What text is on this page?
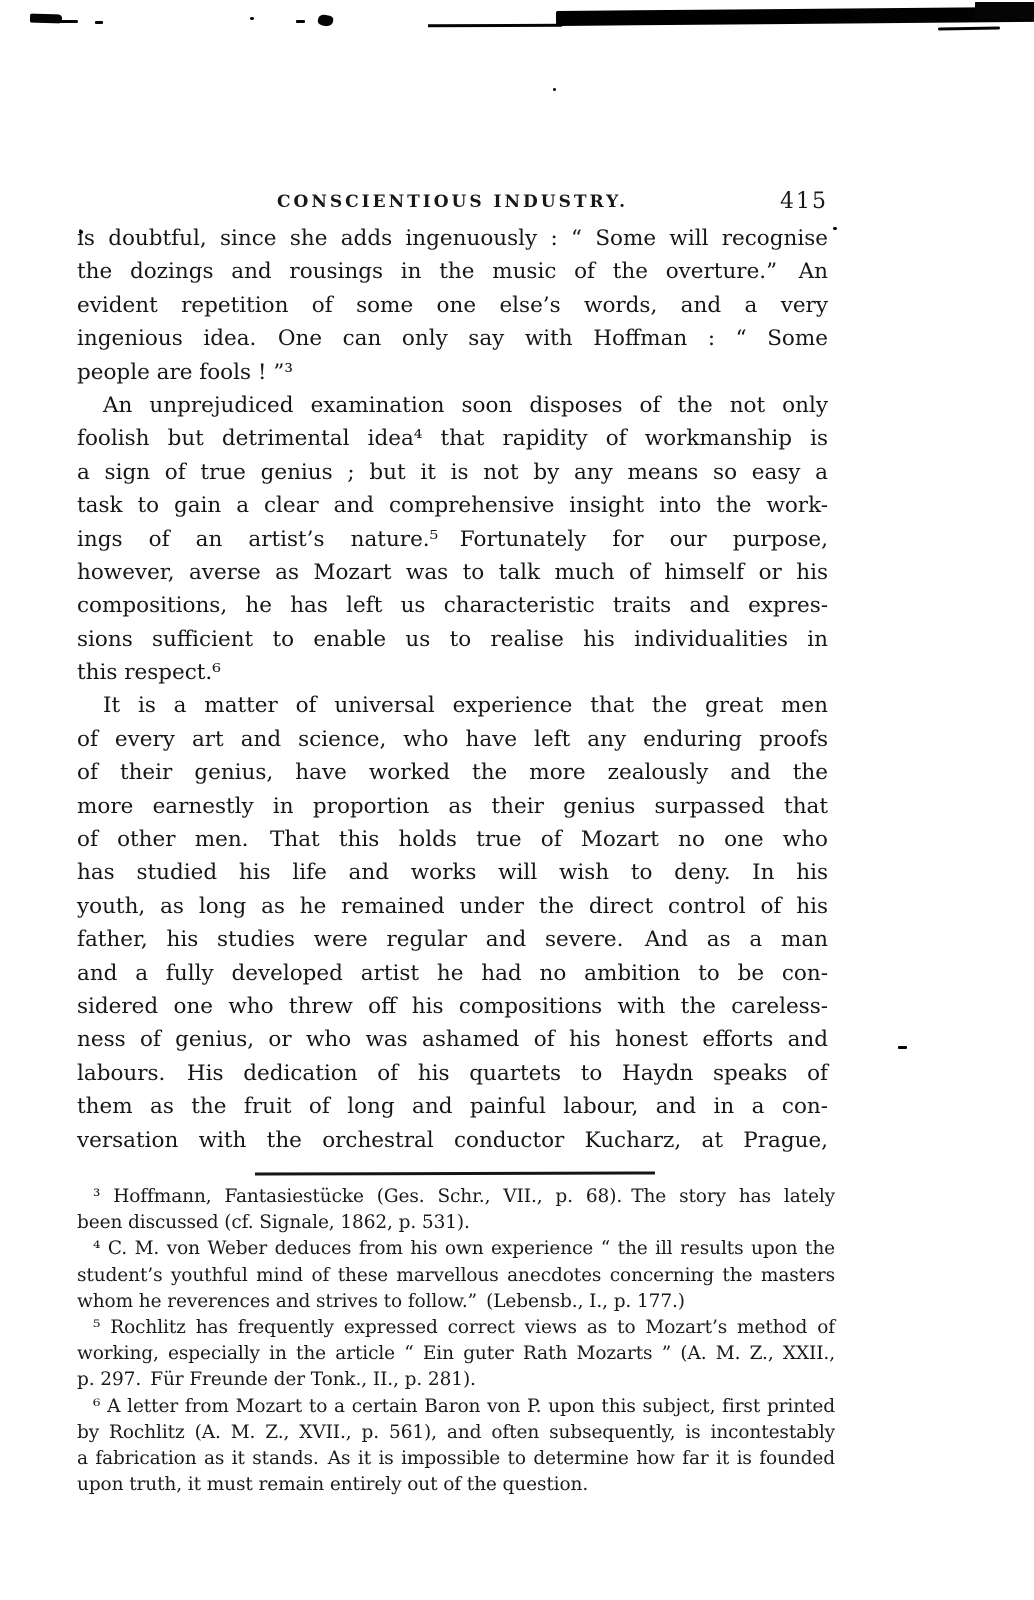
CONSCIENTIOUS INDUSTRY.	415
is doubtful, since she adds ingenuously : “ Some will recognise
the dozings and rousings in the music of the overture.” An
evident repetition of some one else’s words, and a very
ingenious idea. One can only say with Hoffman : “ Some
people are fools ! ”³
An unprejudiced examination soon disposes of the not only
foolish but detrimental idea⁴ that rapidity of workmanship is
a sign of true genius ; but it is not by any means so easy a
task to gain a clear and comprehensive insight into the work-
ings of an artist’s nature.⁵ Fortunately for our purpose,
however, averse as Mozart was to talk much of himself or his
compositions, he has left us characteristic traits and expres-
sions sufficient to enable us to realise his individualities in
this respect.⁶
It is a matter of universal experience that the great men
of every art and science, who have left any enduring proofs
of their genius, have worked the more zealously and the
more earnestly in proportion as their genius surpassed that
of other men. That this holds true of Mozart no one who
has studied his life and works will wish to deny. In his
youth, as long as he remained under the direct control of his
father, his studies were regular and severe. And as a man
and a fully developed artist he had no ambition to be con-
sidered one who threw off his compositions with the careless-
ness of genius, or who was ashamed of his honest efforts and
labours. His dedication of his quartets to Haydn speaks of
them as the fruit of long and painful labour, and in a con-
versation with the orchestral conductor Kucharz, at Prague,
³ Hoffmann, Fantasiestücke (Ges. Schr., VII., p. 68). The story has lately
been discussed (cf. Signale, 1862, p. 531).
⁴ C. M. von Weber deduces from his own experience “ the ill results upon the
student’s youthful mind of these marvellous anecdotes concerning the masters
whom he reverences and strives to follow.” (Lebensb., I., p. 177.)
⁵ Rochlitz has frequently expressed correct views as to Mozart’s method of
working, especially in the article “ Ein guter Rath Mozarts ” (A. M. Z., XXII.,
p. 297. Für Freunde der Tonk., II., p. 281).
⁶ A letter from Mozart to a certain Baron von P. upon this subject, first printed
by Rochlitz (A. M. Z., XVII., p. 561), and often subsequently, is incontestably
a fabrication as it stands. As it is impossible to determine how far it is founded
upon truth, it must remain entirely out of the question.
